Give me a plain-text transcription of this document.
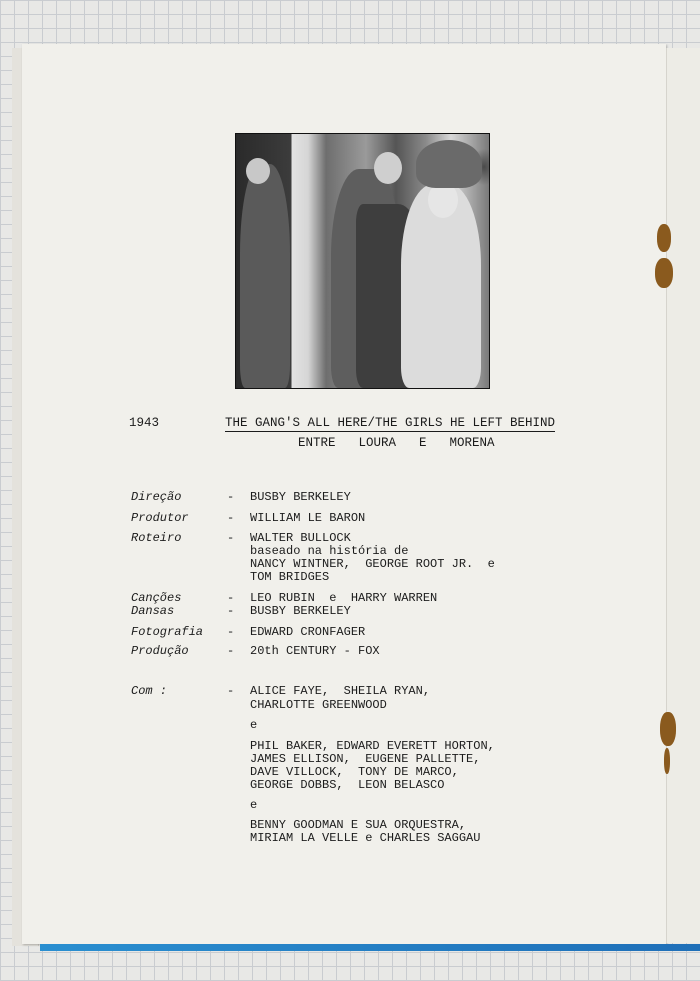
1943	THE GANG'S ALL HERE/THE GIRLS HE LEFT BEHIND
ENTRE  LOURA  E  MORENA
Direção	- BUSBY BERKELEY
Produtor	- WILLIAM LE BARON
Roteiro	- WALTER BULLOCK
baseado na história de
NANCY WINTNER,  GEORGE ROOT JR.  e
TOM BRIDGES
Canções	- LEO RUBIN  e  HARRY WARREN
Dansas	- BUSBY BERKELEY
Fotografia - EDWARD CRONFAGER
Produção	- 20th CENTURY - FOX
Com :	- ALICE FAYE,  SHEILA RYAN,
CHARLOTTE GREENWOOD
e
PHIL BAKER, EDWARD EVERETT HORTON,
JAMES ELLISON,  EUGENE PALLETTE,
DAVE VILLOCK,  TONY DE MARCO,
GEORGE DOBBS,  LEON BELASCO
e
BENNY GOODMAN E SUA ORQUESTRA,
MIRIAM LA VELLE e CHARLES SAGGAU
